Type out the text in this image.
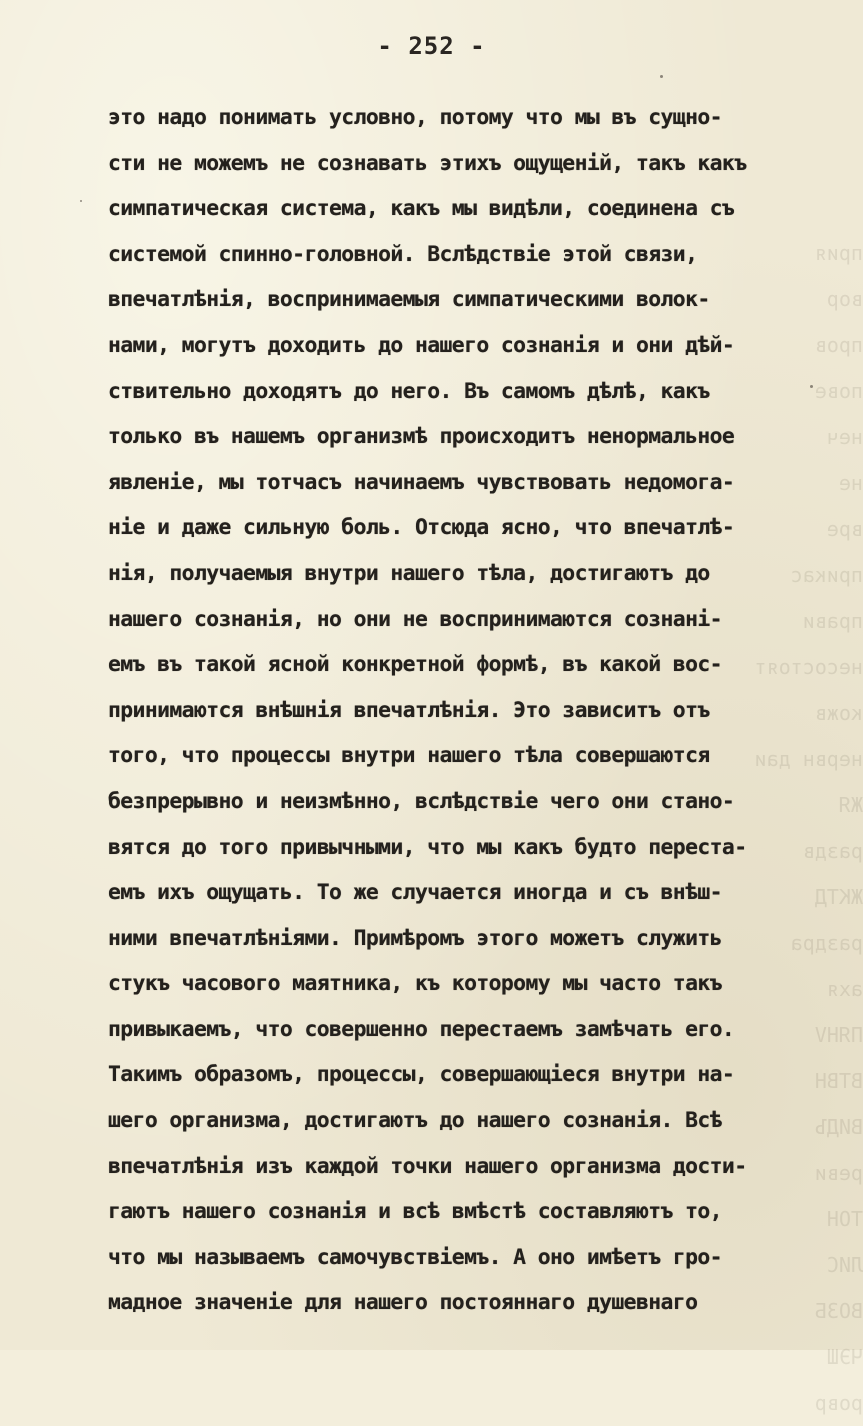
прия
вор
пров
пове
неч
нe
вре
прикас
прави
несостоят
кожв
нервн даи
ЖЯ
раздв
ЖКТД
раздра
ахя
ПЯНV
ВТВН
ВИДЪ
реви
ТОН
ЛИС
ВОЗБ
ЧЭШ
ровр
- 252 -
это надо понимать условно, потому что мы въ сущно-
сти не можемъ не сознавать этихъ ощущенiй, такъ какъ
симпатическая система, какъ мы видѣли, соединена съ
системой спинно-головной. Вслѣдствiе этой связи,
впечатлѣнiя, воспринимаемыя симпатическими волок-
нами, могутъ доходить до нашего сознанiя и они дѣй-
ствительно доходятъ до него. Въ самомъ дѣлѣ, какъ
только въ нашемъ организмѣ происходитъ ненормальное
явленiе, мы тотчасъ начинаемъ чувствовать недомога-
нiе и даже сильную боль. Отсюда ясно, что впечатлѣ-
нiя, получаемыя внутри нашего тѣла, достигаютъ до
нашего сознанiя, но они не воспринимаются сознанi-
емъ въ такой ясной конкретной формѣ, въ какой вос-
принимаются внѣшнiя впечатлѣнiя. Это зависитъ отъ
того, что процессы внутри нашего тѣла совершаются
безпрерывно и неизмѣнно, вслѣдствiе чего они стано-
вятся до того привычными, что мы какъ будто переста-
емъ ихъ ощущать. То же случается иногда и съ внѣш-
ними впечатлѣнiями. Примѣромъ этого можетъ служить
стукъ часового маятника, къ которому мы часто такъ
привыкаемъ, что совершенно перестаемъ замѣчать его.
Такимъ образомъ, процессы, совершающiеся внутри на-
шего организма, достигаютъ до нашего сознанiя. Всѣ
впечатлѣнiя изъ каждой точки нашего организма дости-
гаютъ нашего сознанiя и всѣ вмѣстѣ составляютъ то,
что мы называемъ самочувствiемъ. А оно имѣетъ гро-
мадное значенiе для нашего постояннаго душевнаго
